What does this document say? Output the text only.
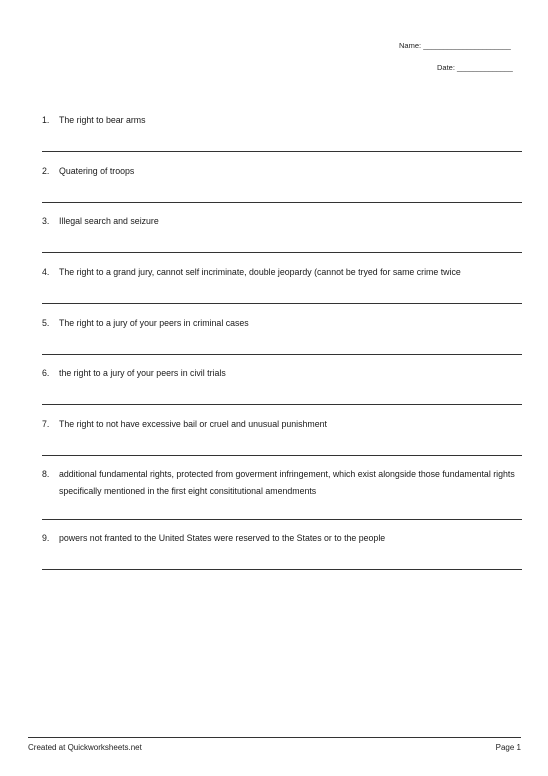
Name: ______________________
Date: ______________
1. The right to bear arms
2. Quatering of troops
3. Illegal search and seizure
4. The right to a grand jury, cannot self incriminate, double jeopardy (cannot be tryed for same crime twice
5. The right to a jury of your peers in criminal cases
6. the right to a jury of your peers in civil trials
7. The right to not have excessive bail or cruel and unusual punishment
8. additional fundamental rights, protected from goverment infringement, which exist alongside those fundamental rights specifically mentioned in the first eight consititutional amendments
9. powers not franted to the United States were reserved to the States or to the people
Created at Quickworksheets.net	Page 1
